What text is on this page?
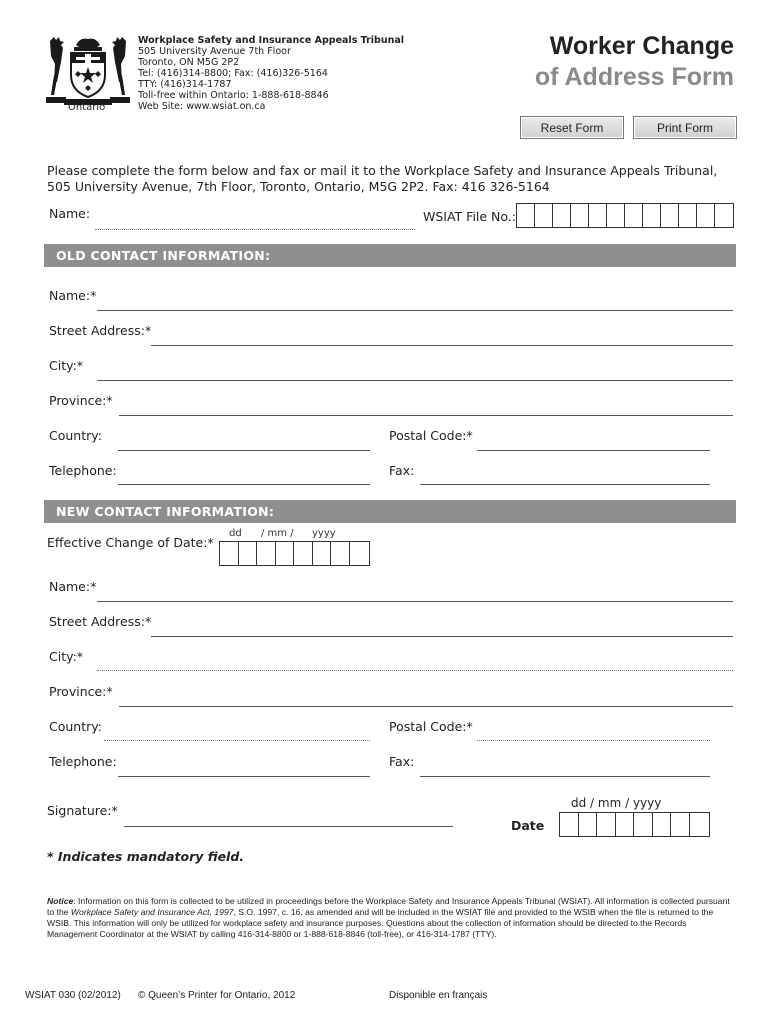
Ontario
Workplace Safety and Insurance Appeals Tribunal
505 University Avenue 7th Floor
Toronto, ON M5G 2P2
Tel: (416)314-8800; Fax: (416)326-5164
TTY: (416)314-1787
Toll-free within Ontario: 1-888-618-8846
Web Site: www.wsiat.on.ca
Worker Change
of Address Form
Reset Form	Print Form
Please complete the form below and fax or mail it to the Workplace Safety and Insurance Appeals Tribunal, 505 University Avenue, 7th Floor, Toronto, Ontario, M5G 2P2. Fax: 416 326-5164
Name:	WSIAT File No.:
OLD CONTACT INFORMATION:
Name:*
Street Address:*
City:*
Province:*
Country:	Postal Code:*
Telephone:	Fax:
NEW CONTACT INFORMATION:
dd / mm / yyyy
Effective Change of Date:*
Name:*
Street Address:*
City:*
Province:*
Country:	Postal Code:*
Telephone:	Fax:
Signature:*	dd / mm / yyyy
Date
* Indicates mandatory field.
Notice: Information on this form is collected to be utilized in proceedings before the Workplace Safety and Insurance Appeals Tribunal (WSIAT). All information is collected pursuant to the Workplace Safety and Insurance Act, 1997, S.O. 1997, c. 16, as amended and will be included in the WSIAT file and provided to the WSIB when the file is returned to the WSIB. This information will only be utilized for workplace safety and insurance purposes. Questions about the collection of information should be directed to the Records Management Coordinator at the WSIAT by calling 416-314-8800 or 1-888-618-8846 (toll-free), or 416-314-1787 (TTY).
WSIAT 030 (02/2012) © Queen’s Printer for Ontario, 2012	Disponible en français
